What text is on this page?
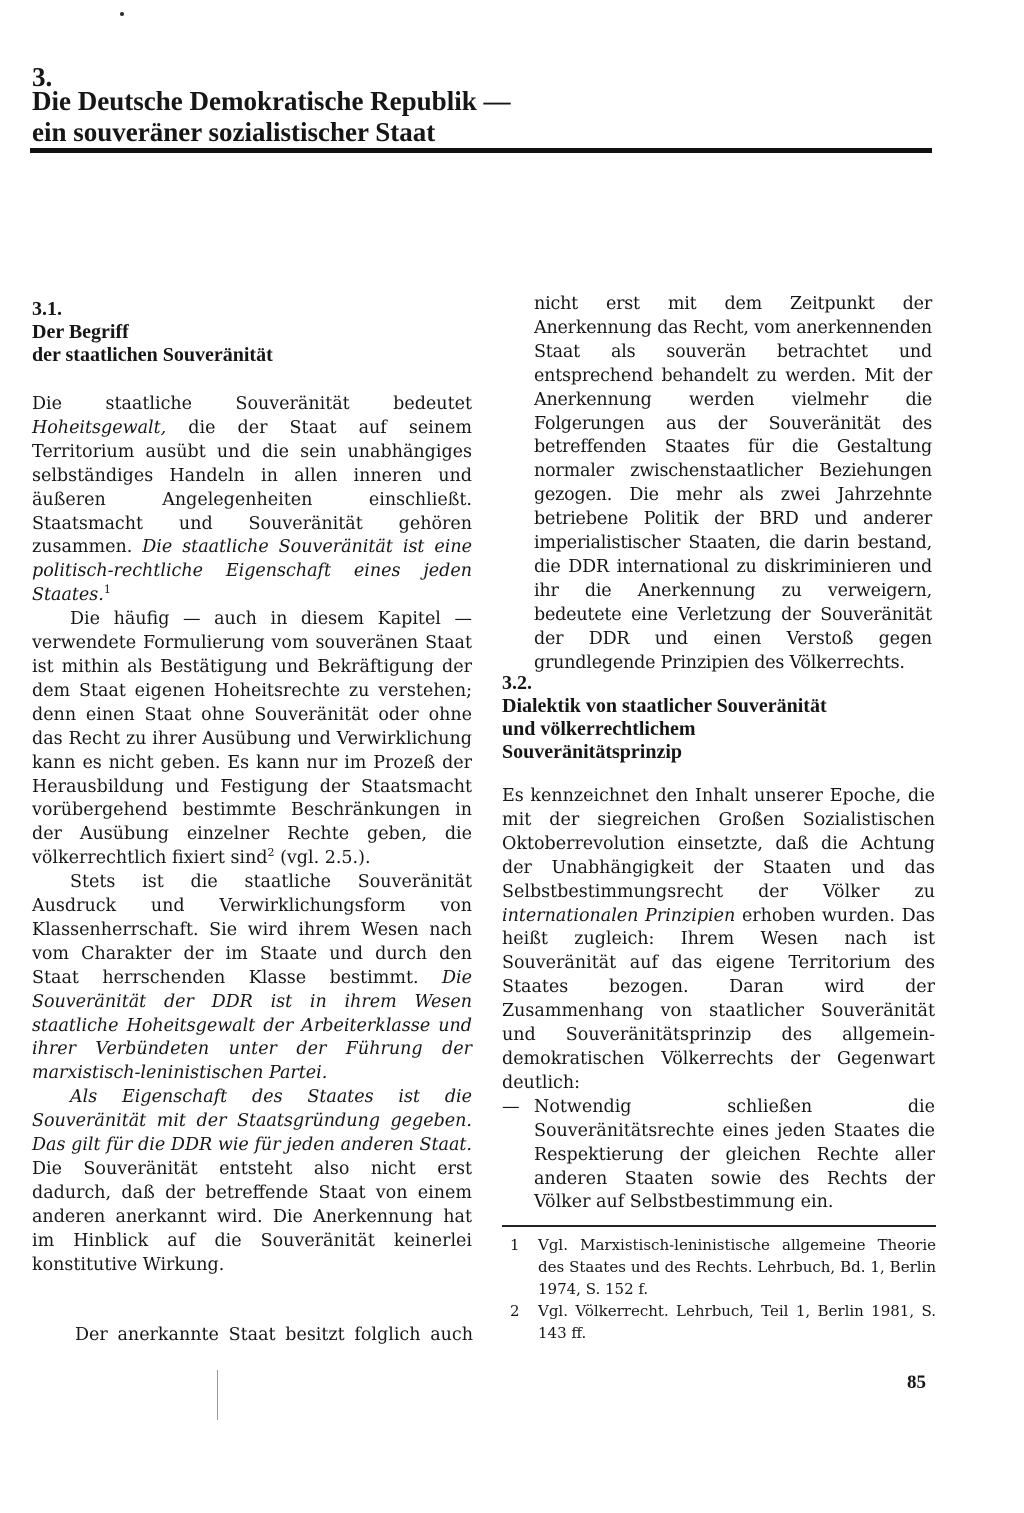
3.
Die Deutsche Demokratische Republik —
ein souveräner sozialistischer Staat
3.1.
Der Begriff
der staatlichen Souveränität

Die staatliche Souveränität bedeutet Hoheitsgewalt, die der Staat auf seinem Territorium ausübt und die sein unabhängiges selbständiges Handeln in allen inneren und äußeren Angelegenheiten einschließt. Staatsmacht und Souveränität gehören zusammen. Die staatliche Souveränität ist eine politisch-rechtliche Eigenschaft eines jeden Staates.$^1$

Die häufig — auch in diesem Kapitel — verwendete Formulierung vom souveränen Staat ist mithin als Bestätigung und Bekräftigung der dem Staat eigenen Hoheitsrechte zu verstehen; denn einen Staat ohne Souveränität oder ohne das Recht zu ihrer Ausübung und Verwirklichung kann es nicht geben. Es kann nur im Prozeß der Herausbildung und Festigung der Staatsmacht vorübergehend bestimmte Beschränkungen in der Ausübung einzelner Rechte geben, die völkerrechtlich fixiert sind$^2$ (vgl. 2.5.).

Stets ist die staatliche Souveränität Ausdruck und Verwirklichungsform von Klassenherrschaft. Sie wird ihrem Wesen nach vom Charakter der im Staate und durch den Staat herrschenden Klasse bestimmt. Die Souveränität der DDR ist in ihrem Wesen staatliche Hoheitsgewalt der Arbeiterklasse und ihrer Verbündeten unter der Führung der marxistisch-leninistischen Partei.

Als Eigenschaft des Staates ist die Souveränität mit der Staatsgründung gegeben. Das gilt für die DDR wie für jeden anderen Staat. Die Souveränität entsteht also nicht erst dadurch, daß der betreffende Staat von einem anderen anerkannt wird. Die Anerkennung hat im Hinblick auf die Souveränität keinerlei konstitutive Wirkung.

Der anerkannte Staat besitzt folglich auch

nicht erst mit dem Zeitpunkt der Anerkennung das Recht, vom anerkennenden Staat als souverän betrachtet und entsprechend behandelt zu werden. Mit der Anerkennung werden vielmehr die Folgerungen aus der Souveränität des betreffenden Staates für die Gestaltung normaler zwischenstaatlicher Beziehungen gezogen. Die mehr als zwei Jahrzehnte betriebene Politik der BRD und anderer imperialistischer Staaten, die darin bestand, die DDR international zu diskriminieren und ihr die Anerkennung zu verweigern, bedeutete eine Verletzung der Souveränität der DDR und einen Verstoß gegen grundlegende Prinzipien des Völkerrechts.

3.2.
Dialektik von staatlicher Souveränität
und völkerrechtlichem
Souveränitätsprinzip

Es kennzeichnet den Inhalt unserer Epoche, die mit der siegreichen Großen Sozialistischen Oktoberrevolution einsetzte, daß die Achtung der Unabhängigkeit der Staaten und das Selbstbestimmungsrecht der Völker zu internationalen Prinzipien erhoben wurden. Das heißt zugleich: Ihrem Wesen nach ist Souveränität auf das eigene Territorium des Staates bezogen. Daran wird der Zusammenhang von staatlicher Souveränität und Souveränitätsprinzip des allgemein-demokratischen Völkerrechts der Gegenwart deutlich:

— Notwendig schließen die Souveränitätsrechte eines jeden Staates die Respektierung der gleichen Rechte aller anderen Staaten sowie des Rechts der Völker auf Selbstbestimmung ein.
1	Vgl. Marxistisch-leninistische allgemeine Theorie des Staates und des Rechts. Lehrbuch, Bd. 1, Berlin 1974, S. 152 f.
2	Vgl. Völkerrecht. Lehrbuch, Teil 1, Berlin 1981, S. 143 ff.
85
